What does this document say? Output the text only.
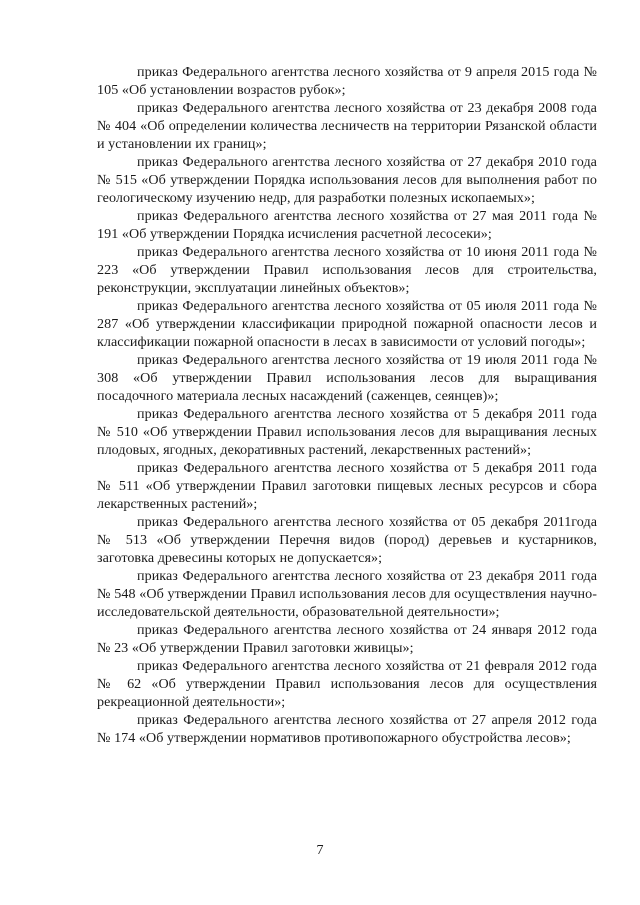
приказ Федерального агентства лесного хозяйства от 9 апреля 2015 года № 105 «Об установлении возрастов рубок»;

приказ Федерального агентства лесного хозяйства от 23 декабря 2008 года № 404 «Об определении количества лесничеств на территории Рязанской области и установлении их границ»;

приказ Федерального агентства лесного хозяйства от 27 декабря 2010 года № 515 «Об утверждении Порядка использования лесов для выполнения работ по геологическому изучению недр, для разработки полезных ископаемых»;

приказ Федерального агентства лесного хозяйства от 27 мая 2011 года № 191 «Об утверждении Порядка исчисления расчетной лесосеки»;

приказ Федерального агентства лесного хозяйства от 10 июня 2011 года № 223 «Об утверждении Правил использования лесов для строительства, реконструкции, эксплуатации линейных объектов»;

приказ Федерального агентства лесного хозяйства от 05 июля 2011 года № 287 «Об утверждении классификации природной пожарной опасности лесов и классификации пожарной опасности в лесах в зависимости от условий погоды»;

приказ Федерального агентства лесного хозяйства от 19 июля 2011 года № 308 «Об утверждении Правил использования лесов для выращивания посадочного материала лесных насаждений (саженцев, сеянцев)»;

приказ Федерального агентства лесного хозяйства от 5 декабря 2011 года № 510 «Об утверждении Правил использования лесов для выращивания лесных плодовых, ягодных, декоративных растений, лекарственных растений»;

приказ Федерального агентства лесного хозяйства от 5 декабря 2011 года № 511 «Об утверждении Правил заготовки пищевых лесных ресурсов и сбора лекарственных растений»;

приказ Федерального агентства лесного хозяйства от 05 декабря 2011года № 513 «Об утверждении Перечня видов (пород) деревьев и кустарников, заготовка древесины которых не допускается»;

приказ Федерального агентства лесного хозяйства от 23 декабря 2011 года № 548 «Об утверждении Правил использования лесов для осуществления научно-исследовательской деятельности, образовательной деятельности»;

приказ Федерального агентства лесного хозяйства от 24 января 2012 года № 23 «Об утверждении Правил заготовки живицы»;

приказ Федерального агентства лесного хозяйства от 21 февраля 2012 года № 62 «Об утверждении Правил использования лесов для осуществления рекреационной деятельности»;

приказ Федерального агентства лесного хозяйства от 27 апреля 2012 года № 174 «Об утверждении нормативов противопожарного обустройства лесов»;

7
